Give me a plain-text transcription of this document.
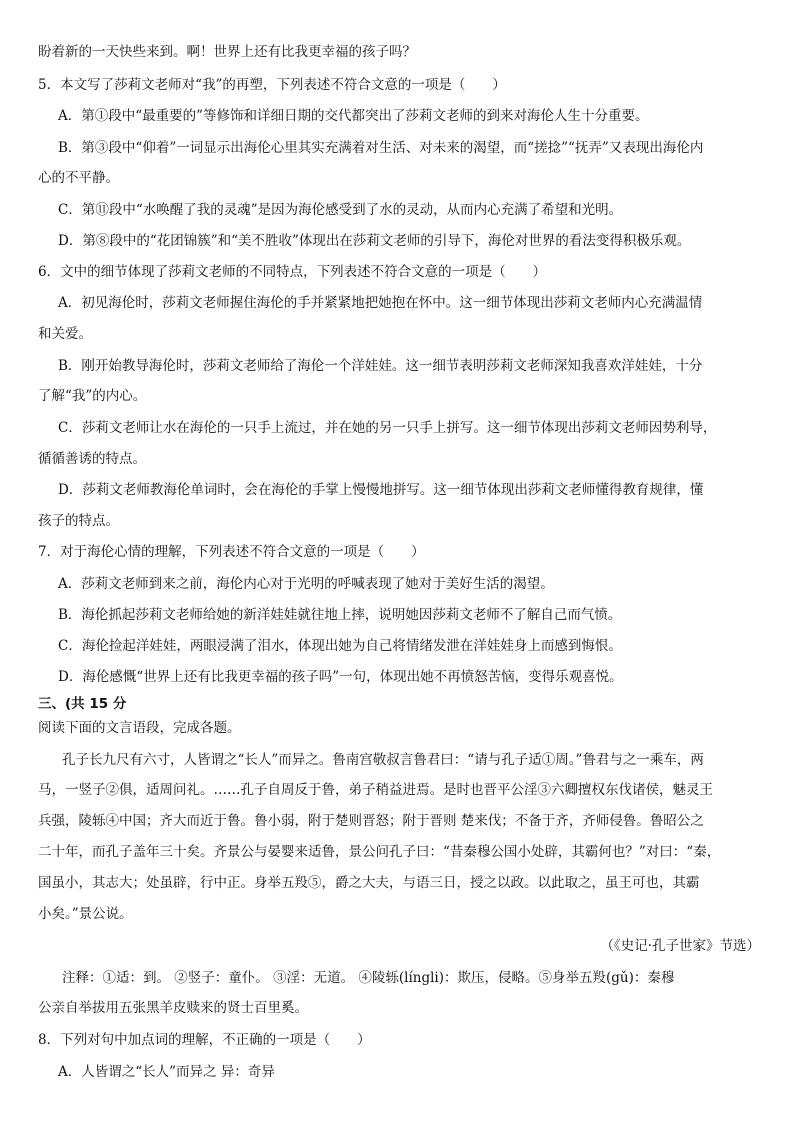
盼着新的一天快些来到。啊！世界上还有比我更幸福的孩子吗？
5．本文写了莎莉文老师对“我”的再塑，下列表述不符合文意的一项是（　　）
A．第①段中“最重要的”等修饰和详细日期的交代都突出了莎莉文老师的到来对海伦人生十分重要。
B．第③段中“仰着”一词显示出海伦心里其实充满着对生活、对未来的渴望，而“搓捻”“抚弄”又表现出海伦内
心的不平静。
C．第⑪段中“水唤醒了我的灵魂”是因为海伦感受到了水的灵动，从而内心充满了希望和光明。
D．第⑧段中的“花团锦簇”和“美不胜收”体现出在莎莉文老师的引导下，海伦对世界的看法变得积极乐观。
6．文中的细节体现了莎莉文老师的不同特点，下列表述不符合文意的一项是（　　）
A．初见海伦时，莎莉文老师握住海伦的手并紧紧地把她抱在怀中。这一细节体现出莎莉文老师内心充满温情
和关爱。
B．刚开始教导海伦时，莎莉文老师给了海伦一个洋娃娃。这一细节表明莎莉文老师深知我喜欢洋娃娃，十分
了解“我”的内心。
C．莎莉文老师让水在海伦的一只手上流过，并在她的另一只手上拼写。这一细节体现出莎莉文老师因势利导，
循循善诱的特点。
D．莎莉文老师教海伦单词时，会在海伦的手掌上慢慢地拼写。这一细节体现出莎莉文老师懂得教育规律，懂
孩子的特点。
7．对于海伦心情的理解，下列表述不符合文意的一项是（　　）
A．莎莉文老师到来之前，海伦内心对于光明的呼喊表现了她对于美好生活的渴望。
B．海伦抓起莎莉文老师给她的新洋娃娃就往地上摔，说明她因莎莉文老师不了解自己而气愤。
C．海伦捡起洋娃娃，两眼浸满了泪水，体现出她为自己将情绪发泄在洋娃娃身上而感到悔恨。
D．海伦感慨“世界上还有比我更幸福的孩子吗”一句，体现出她不再愤怒苦恼，变得乐观喜悦。
三、(共 15 分
阅读下面的文言语段，完成各题。
孔子长九尺有六寸，人皆谓之“长人”而异之。鲁南宫敬叔言鲁君曰：“请与孔子适①周。”鲁君与之一乘车，两
马，一竖子②俱，适周问礼。……孔子自周反于鲁，弟子稍益进焉。是时也晋平公淫③六卿擅权东伐诸侯，魅灵王
兵强，陵轹④中国；齐大而近于鲁。鲁小弱，附于楚则晋怒；附于晋则 楚来伐；不备于齐，齐师侵鲁。鲁昭公之
二十年，而孔子盖年三十矣。齐景公与晏婴来适鲁，景公问孔子曰：“昔秦穆公国小处辟，其霸何也？”对曰：“秦，
国虽小，其志大；处虽辟，行中正。身举五羖⑤，爵之大夫，与语三日，授之以政。以此取之，虽王可也，其霸
小矣。”景公说。
（《史记·孔子世家》节选）
注释：①适：到。 ②竖子：童仆。 ③淫：无道。 ④陵轹(língli)：欺压，侵略。⑤身举五羖(gǔ)：秦穆
公亲自举拔用五张黑羊皮赎来的贤士百里奚。
8．下列对句中加点词的理解，不正确的一项是（　　）
A．人皆谓之“长人”而异之 异：奇异
